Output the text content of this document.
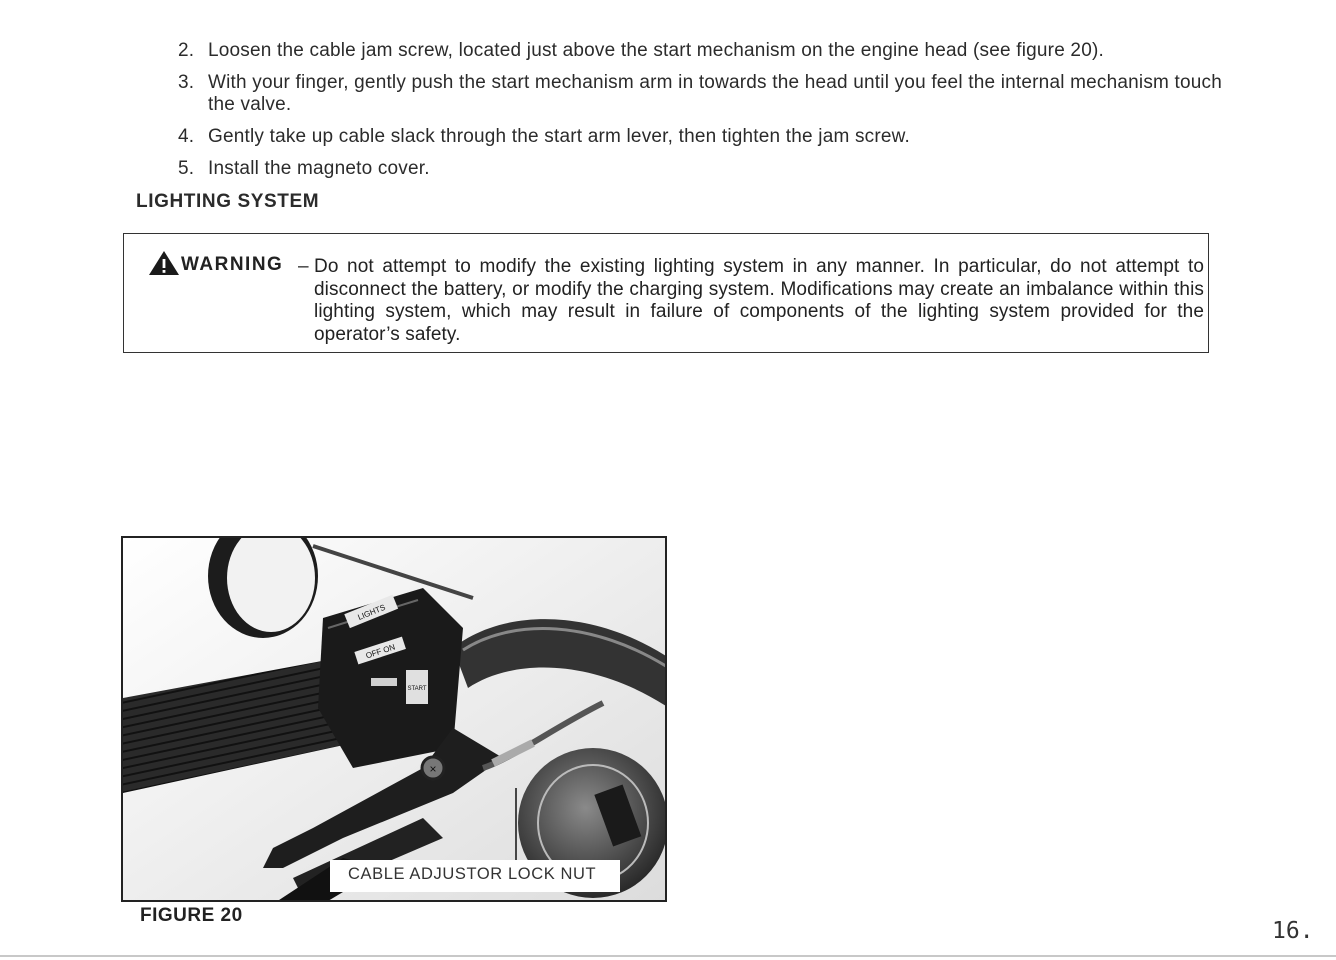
2. Loosen the cable jam screw, located just above the start mechanism on the engine head (see figure 20).
3. With your finger, gently push the start mechanism arm in towards the head until you feel the internal mechanism touch the valve.
4. Gently take up cable slack through the start arm lever, then tighten the jam screw.
5. Install the magneto cover.
LIGHTING SYSTEM
WARNING – Do not attempt to modify the existing lighting system in any manner. In particular, do not attempt to disconnect the battery, or modify the charging system. Modifications may create an imbalance within this lighting system, which may result in failure of components of the lighting system provided for the operator’s safety.
LIGHTS
OFF ON
START
×
CABLE ADJUSTOR LOCK NUT

FIGURE 20

16.
